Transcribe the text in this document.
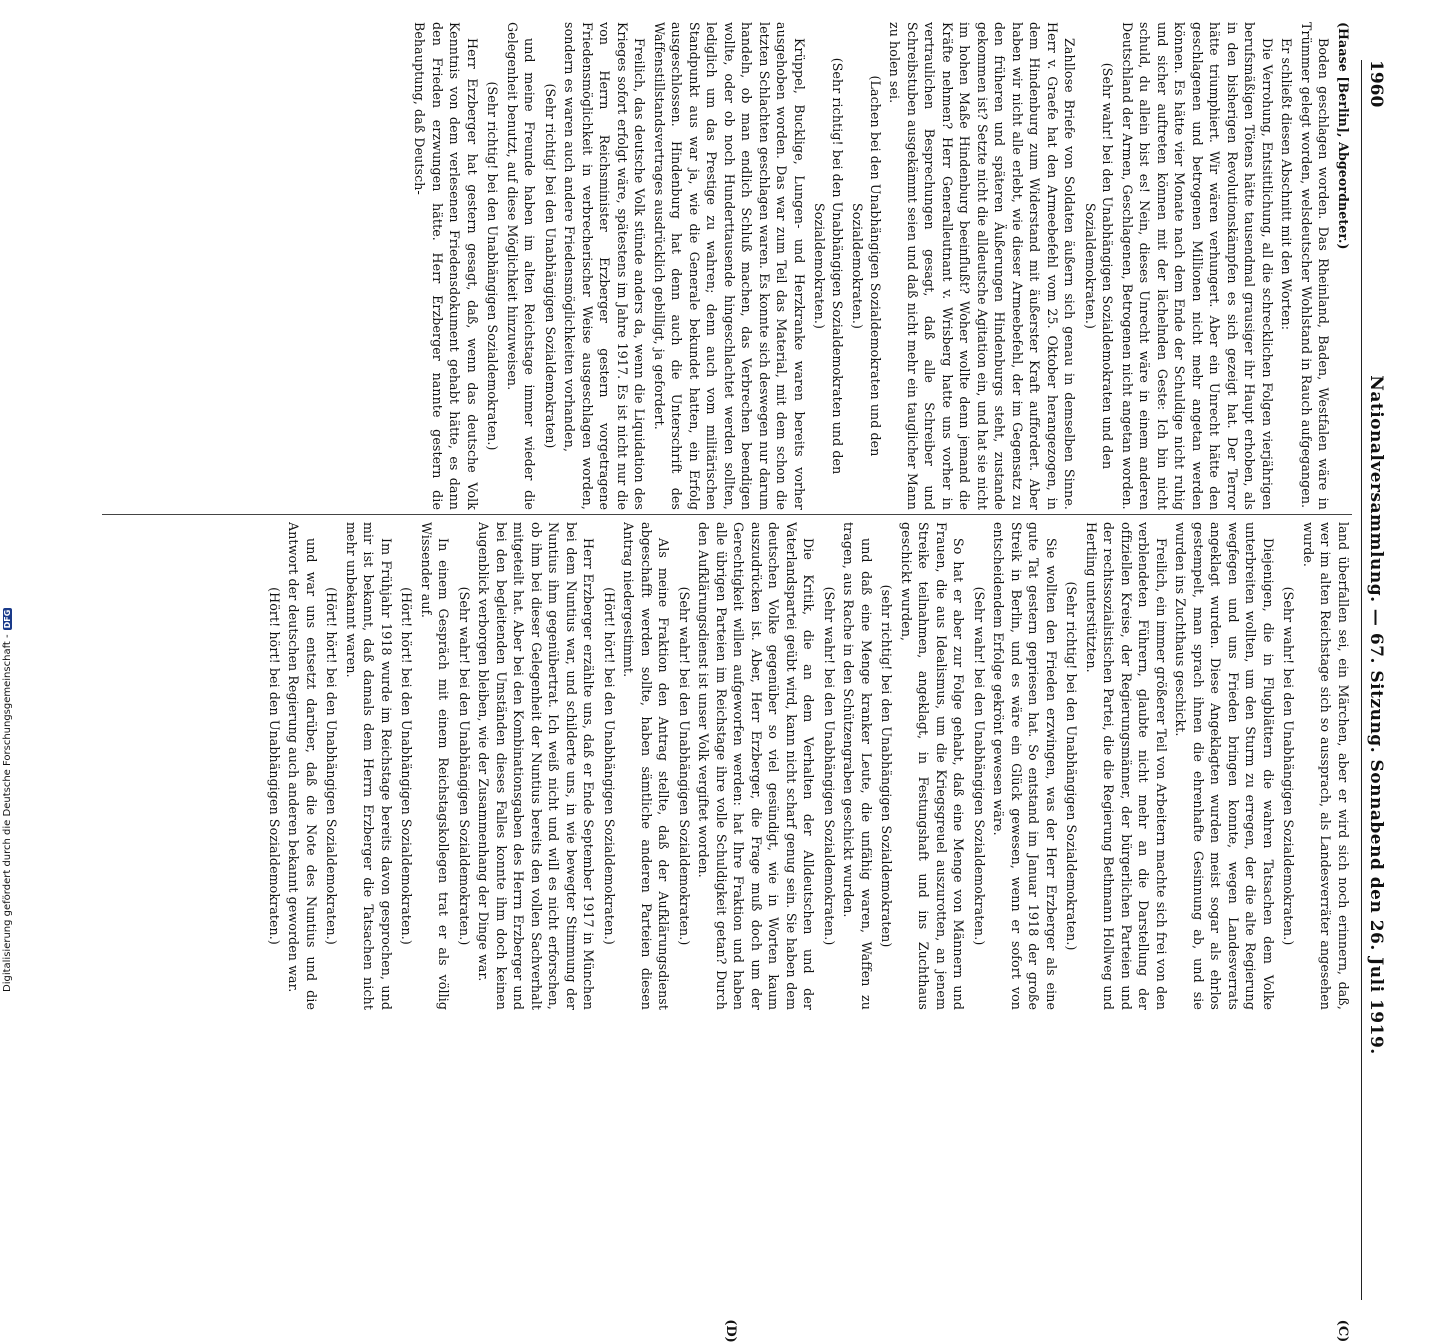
1960
Nationalversammlung. — 67. Sitzung. Sonnabend den 26. Juli 1919.
(C)
(D)

(Haase [Berlin], Abgeordneter.)

Boden geschlagen worden. Das Rheinland, Baden, Westfalen wäre in Trümmer gelegt worden, welsdeutscher Wohlstand in Rauch aufgegangen.

Er schließt diesen Abschnitt mit den Worten:

Die Verrohung, Entsittlichung, all die schrecklichen Folgen vierjährigen berufsmäßigen Tötens hätte tausendmal grausiger ihr Haupt erhoben, als in den bisherigen Revolutionskämpfen es sich gezeigt hat. Der Terror hätte triumphiert. Wir wären verhungert. Aber ein Unrecht hätte den geschlagenen und betrogenen Millionen nicht mehr angetan werden können. Es hätte vier Monate nach dem Ende der Schuldige nicht ruhig und sicher auftreten können mit der lächelnden Geste: Ich bin nicht schuld, du allein bist es! Nein, dieses Unrecht wäre in einem anderen Deutschland der Armen, Geschlagenen, Betrogenen nicht angetan worden.

(Sehr wahr! bei den Unabhängigen Sozialdemokraten und den Sozialdemokraten.)

Zahllose Briefe von Soldaten äußern sich genau in demselben Sinne. Herr v. Graefe hat den Armeebefehl vom 25. Oktober herangezogen, in dem Hindenburg zum Widerstand mit äußerster Kraft auffordert. Aber haben wir nicht alle erlebt, wie dieser Armeebefehl, der im Gegensatz zu den früheren und späteren Äußerungen Hindenburgs steht, zustande gekommen ist? Setzte nicht die alldeutsche Agitation ein, und hat sie nicht im hohen Maße Hindenburg beeinflußt? Woher wollte denn jemand die Kräfte nehmen? Herr Generalleutnant v. Wrisberg hatte uns vorher in vertraulichen Besprechungen gesagt, daß alle Schreiber und Schreibstuben ausgekämmt seien und daß nicht mehr ein tauglicher Mann zu holen sei.

(Lachen bei den Unabhängigen Sozialdemokraten und den Sozialdemokraten.)

(Sehr richtig! bei den Unabhängigen Sozialdemokraten und den Sozialdemokraten.)

Krüppel, Bucklige, Lungen- und Herzkranke waren bereits vorher ausgehoben worden. Das war zum Teil das Material, mit dem schon die letzten Schlachten geschlagen waren. Es konnte sich deswegen nur darum handeln, ob man endlich Schluß machen, das Verbrechen beendigen wollte, oder ob noch Hunderttausende hingeschlachtet werden sollten, lediglich um das Prestige zu wahren; denn auch vom militärischen Standpunkt aus war ja, wie die Generale bekundet hatten, ein Erfolg ausgeschlossen. Hindenburg hat denn auch die Unterschrift des Waffenstillstandsvertrages ausdrücklich gebilligt, ja gefordert.

Freilich, das deutsche Volk stünde anders da, wenn die Liquidation des Krieges sofort erfolgt wäre, spätestens im Jahre 1917. Es ist nicht nur die von Herrn Reichsminister Erzberger gestern vorgetragene Friedensmöglichkeit in verbrecherischer Weise ausgeschlagen worden, sondern es waren auch andere Friedensmöglichkeiten vorhanden,

(Sehr richtig! bei den Unabhängigen Sozialdemokraten)

und meine Freunde haben im alten Reichstage immer wieder die Gelegenheit benutzt, auf diese Möglichkeit hinzuweisen.

(Sehr richtig! bei den Unabhängigen Sozialdemokraten.)

Herr Erzberger hat gestern gesagt, daß, wenn das deutsche Volk Kenntnis von dem verlesenen Friedensdokument gehabt hätte, es dann den Frieden erzwungen hätte. Herr Erzberger nannte gestern die Behauptung, daß Deutsch-

land überfallen sei, ein Märchen, aber er wird sich noch erinnern, daß, wer im alten Reichstage sich so aussprach, als Landesverräter angesehen wurde.

(Sehr wahr! bei den Unabhängigen Sozialdemokraten.)

Diejenigen, die in Flugblättern die wahren Tatsachen dem Volke unterbreiten wollten, um den Sturm zu erregen, der die alte Regierung wegfegen und uns Frieden bringen konnte, wegen Landesverrats angeklagt wurden. Diese Angeklagten wurden meist sogar als ehrlos gestempelt, man sprach ihnen die ehrenhafte Gesinnung ab, und sie wurden ins Zuchthaus geschickt.

Freilich, ein immer größerer Teil von Arbeitern machte sich frei von den verblendeten Führern, glaubte nicht mehr an die Darstellung der offiziellen Kreise, der Regierungsmänner, der bürgerlichen Parteien und der rechtssozialistischen Partei, die die Regierung Bethmann Hollweg und Hertling unterstützten.

(Sehr richtig! bei den Unabhängigen Sozialdemokraten.)

Sie wollten den Frieden erzwingen, was der Herr Erzberger als eine gute Tat gestern gepriesen hat. So entstand im Januar 1918 der große Streik in Berlin, und es wäre ein Glück gewesen, wenn er sofort von entscheidendem Erfolge gekrönt gewesen wäre.

(Sehr wahr! bei den Unabhängigen Sozialdemokraten.)

So hat er aber zur Folge gehabt, daß eine Menge von Männern und Frauen, die aus Idealismus, um die Kriegsgreuel auszurotten, an jenem Streike teilnahmen, angeklagt, in Festungshaft und ins Zuchthaus geschickt wurden,

(sehr richtig! bei den Unabhängigen Sozialdemokraten)

und daß eine Menge kranker Leute, die unfähig waren, Waffen zu tragen, aus Rache in den Schützengraben geschickt wurden.

(Sehr wahr! bei den Unabhängigen Sozialdemokraten.)

Die Kritik, die an dem Verhalten der Alldeutschen und der Vaterlandspartei geübt wird, kann nicht scharf genug sein. Sie haben dem deutschen Volke gegenüber so viel gesündigt, wie in Worten kaum auszudrücken ist. Aber, Herr Erzberger, die Frage muß doch um der Gerechtigkeit willen aufgeworfen werden: hat Ihre Fraktion und haben alle übrigen Parteien im Reichstage ihre volle Schuldigkeit getan? Durch den Aufklärungsdienst ist unser Volk vergiftet worden.

(Sehr wahr! bei den Unabhängigen Sozialdemokraten.)

Als meine Fraktion den Antrag stellte, daß der Aufklärungsdienst abgeschafft werden sollte, haben sämtliche anderen Parteien diesen Antrag niedergestimmt.

(Hört! hört! bei den Unabhängigen Sozialdemokraten.)

Herr Erzberger erzählte uns, daß er Ende September 1917 in München bei dem Nuntius war, und schilderte uns, in wie bewegter Stimmung der Nuntius ihm gegenübertrat. Ich weiß nicht und will es nicht erforschen, ob ihm bei dieser Gelegenheit der Nuntius bereits den vollen Sachverhalt mitgeteilt hat. Aber bei den Kombinationsgaben des Herrn Erzberger und bei den begleitenden Umständen dieses Falles konnte ihm doch keinen Augenblick verborgen bleiben, wie der Zusammenhang der Dinge war.

(Sehr wahr! bei den Unabhängigen Sozialdemokraten.)

In einem Gespräch mit einem Reichstagskollegen trat er als völlig Wissender auf.

(Hört! hört! bei den Unabhängigen Sozialdemokraten.)

Im Frühjahr 1918 wurde im Reichstage bereits davon gesprochen, und mir ist bekannt, daß damals dem Herrn Erzberger die Tatsachen nicht mehr unbekannt waren.

(Hört! hört! bei den Unabhängigen Sozialdemokraten.)

und war uns entsetzt darüber, daß die Note des Nuntius und die Antwort der deutschen Regierung auch anderen bekannt geworden war.

(Hört! hört! bei den Unabhängigen Sozialdemokraten.)

Digitalisierung gefördert durch die Deutsche Forschungsgemeinschaft -DFG
